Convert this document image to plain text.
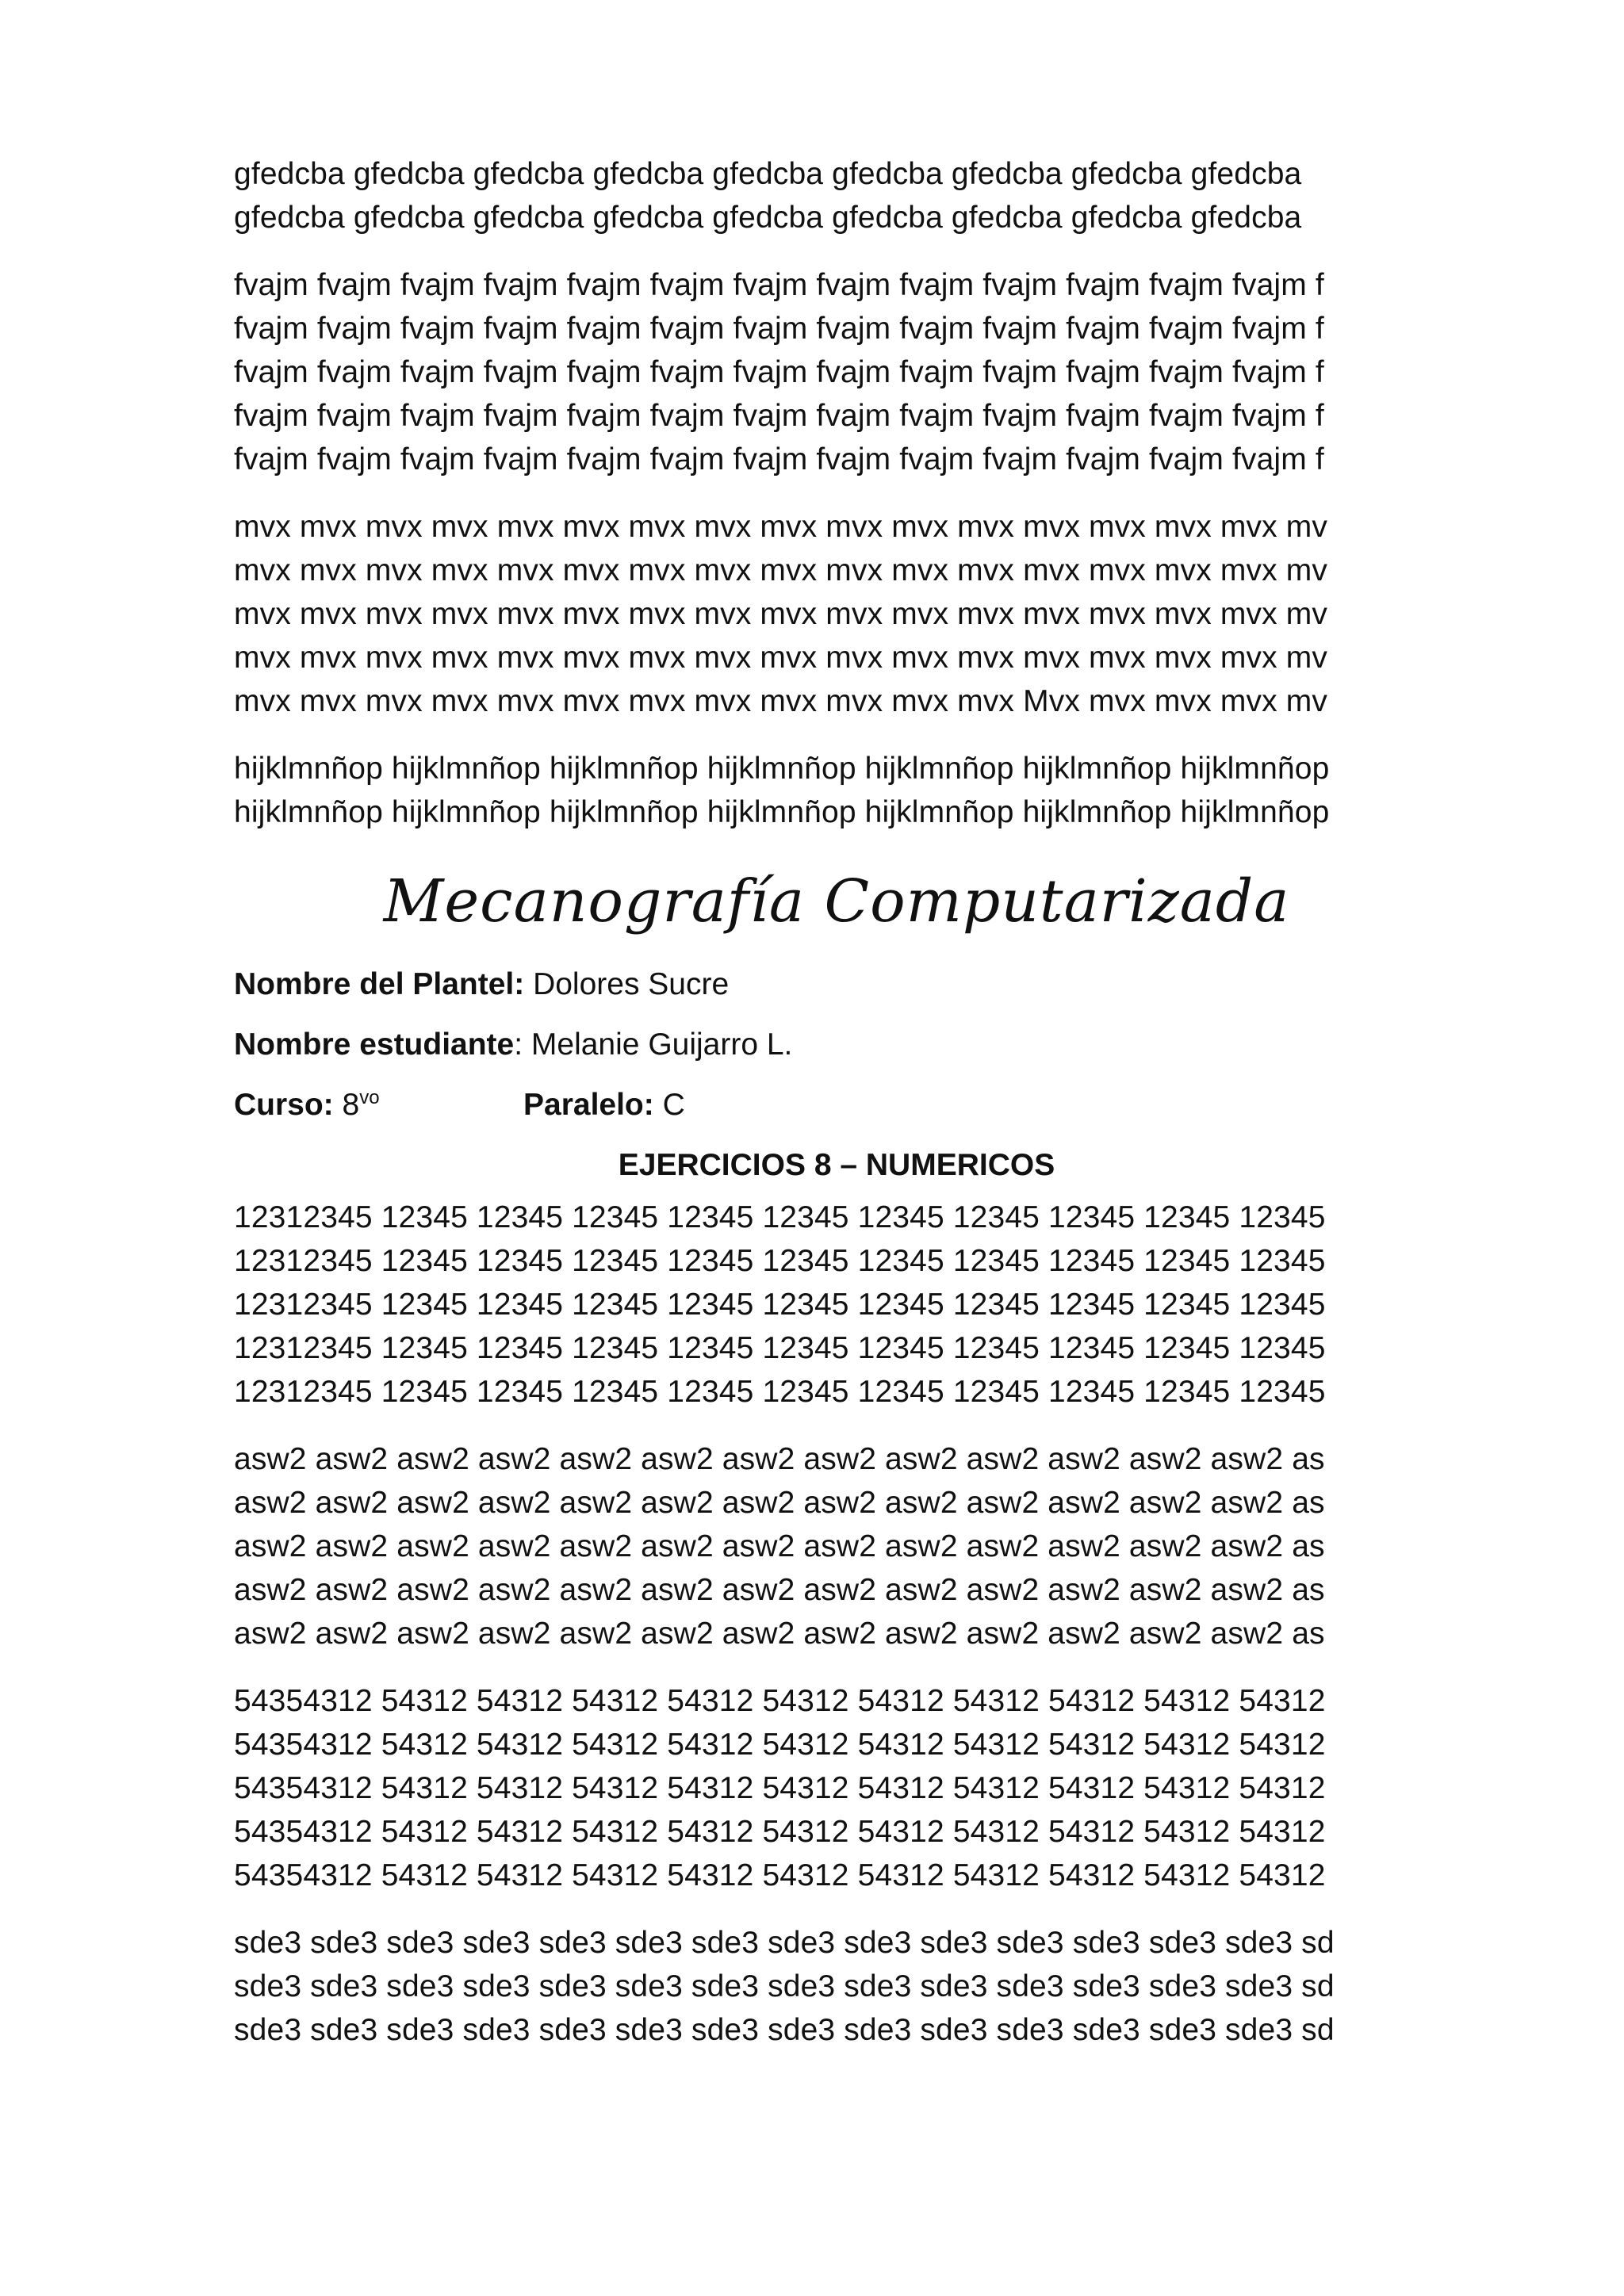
gfedcba gfedcba gfedcba gfedcba gfedcba gfedcba gfedcba gfedcba gfedcba
gfedcba gfedcba gfedcba gfedcba gfedcba gfedcba gfedcba gfedcba gfedcba
fvajm fvajm fvajm fvajm fvajm fvajm fvajm fvajm fvajm fvajm fvajm fvajm fvajm f
fvajm fvajm fvajm fvajm fvajm fvajm fvajm fvajm fvajm fvajm fvajm fvajm fvajm f
fvajm fvajm fvajm fvajm fvajm fvajm fvajm fvajm fvajm fvajm fvajm fvajm fvajm f
fvajm fvajm fvajm fvajm fvajm fvajm fvajm fvajm fvajm fvajm fvajm fvajm fvajm f
fvajm fvajm fvajm fvajm fvajm fvajm fvajm fvajm fvajm fvajm fvajm fvajm fvajm f
mvx mvx mvx mvx mvx mvx mvx mvx mvx mvx mvx mvx mvx mvx mvx mvx mv
mvx mvx mvx mvx mvx mvx mvx mvx mvx mvx mvx mvx mvx mvx mvx mvx mv
mvx mvx mvx mvx mvx mvx mvx mvx mvx mvx mvx mvx mvx mvx mvx mvx mv
mvx mvx mvx mvx mvx mvx mvx mvx mvx mvx mvx mvx mvx mvx mvx mvx mv
mvx mvx mvx mvx mvx mvx mvx mvx mvx mvx mvx mvx Mvx mvx mvx mvx mv
hijklmnñop hijklmnñop hijklmnñop hijklmnñop hijklmnñop hijklmnñop hijklmnñop
hijklmnñop hijklmnñop hijklmnñop hijklmnñop hijklmnñop hijklmnñop hijklmnñop
Mecanografía Computarizada
Nombre del Plantel: Dolores Sucre
Nombre estudiante: Melanie Guijarro L.
Curso: $8^{vo}$	Paralelo: C
EJERCICIOS 8 – NUMERICOS
12312345 12345 12345 12345 12345 12345 12345 12345 12345 12345 12345
12312345 12345 12345 12345 12345 12345 12345 12345 12345 12345 12345
12312345 12345 12345 12345 12345 12345 12345 12345 12345 12345 12345
12312345 12345 12345 12345 12345 12345 12345 12345 12345 12345 12345
12312345 12345 12345 12345 12345 12345 12345 12345 12345 12345 12345
asw2 asw2 asw2 asw2 asw2 asw2 asw2 asw2 asw2 asw2 asw2 asw2 asw2 as
asw2 asw2 asw2 asw2 asw2 asw2 asw2 asw2 asw2 asw2 asw2 asw2 asw2 as
asw2 asw2 asw2 asw2 asw2 asw2 asw2 asw2 asw2 asw2 asw2 asw2 asw2 as
asw2 asw2 asw2 asw2 asw2 asw2 asw2 asw2 asw2 asw2 asw2 asw2 asw2 as
asw2 asw2 asw2 asw2 asw2 asw2 asw2 asw2 asw2 asw2 asw2 asw2 asw2 as
54354312 54312 54312 54312 54312 54312 54312 54312 54312 54312 54312
54354312 54312 54312 54312 54312 54312 54312 54312 54312 54312 54312
54354312 54312 54312 54312 54312 54312 54312 54312 54312 54312 54312
54354312 54312 54312 54312 54312 54312 54312 54312 54312 54312 54312
54354312 54312 54312 54312 54312 54312 54312 54312 54312 54312 54312
sde3 sde3 sde3 sde3 sde3 sde3 sde3 sde3 sde3 sde3 sde3 sde3 sde3 sde3 sd
sde3 sde3 sde3 sde3 sde3 sde3 sde3 sde3 sde3 sde3 sde3 sde3 sde3 sde3 sd
sde3 sde3 sde3 sde3 sde3 sde3 sde3 sde3 sde3 sde3 sde3 sde3 sde3 sde3 sd
